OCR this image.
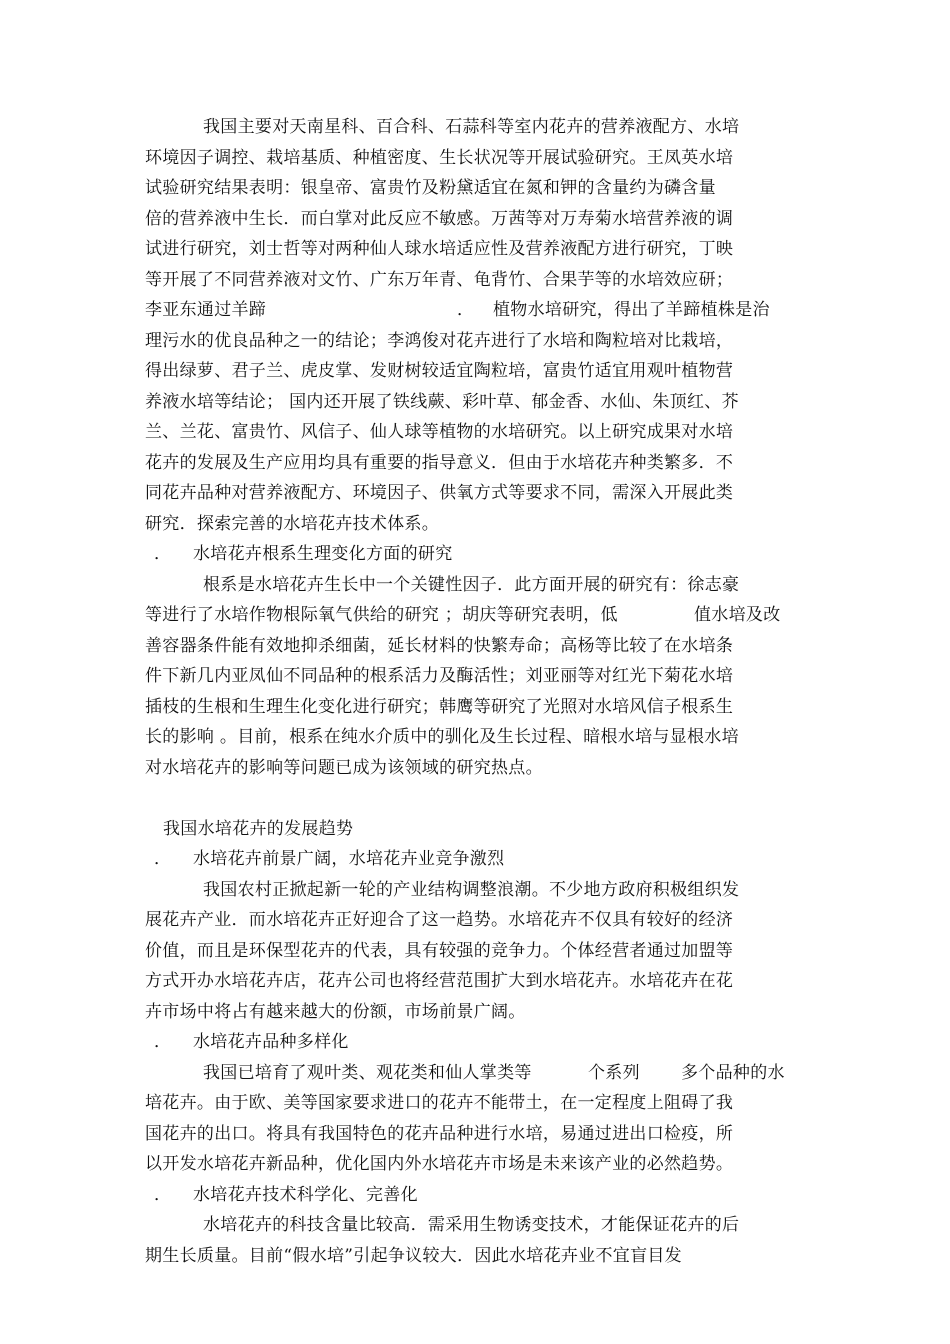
我国主要对天南星科、百合科、石蒜科等室内花卉的营养液配方、水培
环境因子调控、栽培基质、种植密度、生长状况等开展试验研究。王凤英水培
试验研究结果表明：银皇帝、富贵竹及粉黛适宜在氮和钾的含量约为磷含量
倍的营养液中生长．而白掌对此反应不敏感。万茜等对万寿菊水培营养液的调
试进行研究，刘士哲等对两种仙人球水培适应性及营养液配方进行研究，丁映
等开展了不同营养液对文竹、广东万年青、龟背竹、合果芋等的水培效应研；
李亚东通过羊蹄	． 植物水培研究，得出了羊蹄植株是治
理污水的优良品种之一的结论；李鸿俊对花卉进行了水培和陶粒培对比栽培，
得出绿萝、君子兰、虎皮掌、发财树较适宜陶粒培，富贵竹适宜用观叶植物营
养液水培等结论； 国内还开展了铁线蕨、彩叶草、郁金香、水仙、朱顶红、芥
兰、兰花、富贵竹、风信子、仙人球等植物的水培研究。以上研究成果对水培
花卉的发展及生产应用均具有重要的指导意义．但由于水培花卉种类繁多．不
同花卉品种对营养液配方、环境因子、供氧方式等要求不同，需深入开展此类
研究．探索完善的水培花卉技术体系。
． 水培花卉根系生理变化方面的研究
根系是水培花卉生长中一个关键性因子．此方面开展的研究有：徐志豪
等进行了水培作物根际氧气供给的研究 ；胡庆等研究表明，低	值水培及改
善容器条件能有效地抑杀细菌，延长材料的快繁寿命；高杨等比较了在水培条
件下新几内亚凤仙不同品种的根系活力及酶活性；刘亚丽等对红光下菊花水培
插枝的生根和生理生化变化进行研究；韩鹰等研究了光照对水培风信子根系生
长的影响 。目前，根系在纯水介质中的驯化及生长过程、暗根水培与显根水培
对水培花卉的影响等问题已成为该领域的研究热点。
我国水培花卉的发展趋势
． 水培花卉前景广阔，水培花卉业竞争激烈
我国农村正掀起新一轮的产业结构调整浪潮。不少地方政府积极组织发
展花卉产业．而水培花卉正好迎合了这一趋势。水培花卉不仅具有较好的经济
价值，而且是环保型花卉的代表，具有较强的竞争力。个体经营者通过加盟等
方式开办水培花卉店，花卉公司也将经营范围扩大到水培花卉。水培花卉在花
卉市场中将占有越来越大的份额，市场前景广阔。
． 水培花卉品种多样化
我国已培育了观叶类、观花类和仙人掌类等	个系列 多个品种的水
培花卉。由于欧、美等国家要求进口的花卉不能带土，在一定程度上阻碍了我
国花卉的出口。将具有我国特色的花卉品种进行水培，易通过进出口检疫，所
以开发水培花卉新品种，优化国内外水培花卉市场是未来该产业的必然趋势。
． 水培花卉技术科学化、完善化
水培花卉的科技含量比较高．需采用生物诱变技术，才能保证花卉的后
期生长质量。目前“假水培”引起争议较大．因此水培花卉业不宜盲目发
